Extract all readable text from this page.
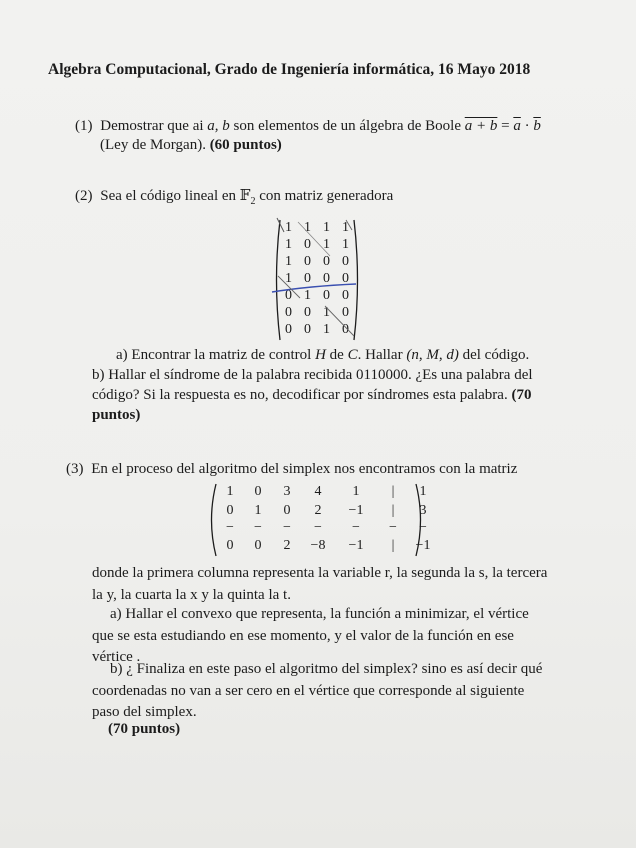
Algebra Computacional, Grado de Ingeniería informática, 16 Mayo 2018
(1) Demostrar que ai a, b son elementos de un álgebra de Boole $a + b = \overline{a} \cdot \overline{b}$
(Ley de Morgan). (60 puntos)
(2) Sea el código lineal en 𝔽$_2$ con matriz generadora
1	1	1	1
1	0	1	1
1	0	0	0
1	0	0	0
0	1	0	0
0	0	1	0
0	0	1	0
a) Encontrar la matriz de control H de C. Hallar (n, M, d) del código.
b) Hallar el síndrome de la palabra recibida 0110000. ¿Es una palabra del
código? Si la respuesta es no, decodificar por síndromes esta palabra. (70
puntos)
(3) En el proceso del algoritmo del simplex nos encontramos con la matriz
1	0	3	4	1	|	1
0	1	0	2	−1	|	3
−	−	−	−	−	−	−
0	0	2	−8	−1	|	−1
donde la primera columna representa la variable r, la segunda la s, la tercera
la y, la cuarta la x y la quinta la t.
a) Hallar el convexo que representa, la función a minimizar, el vértice
que se esta estudiando en ese momento, y el valor de la función en ese
vértice .
b) ¿ Finaliza en este paso el algoritmo del simplex? sino es así decir qué
coordenadas no van a ser cero en el vértice que corresponde al siguiente
paso del simplex.
(70 puntos)
